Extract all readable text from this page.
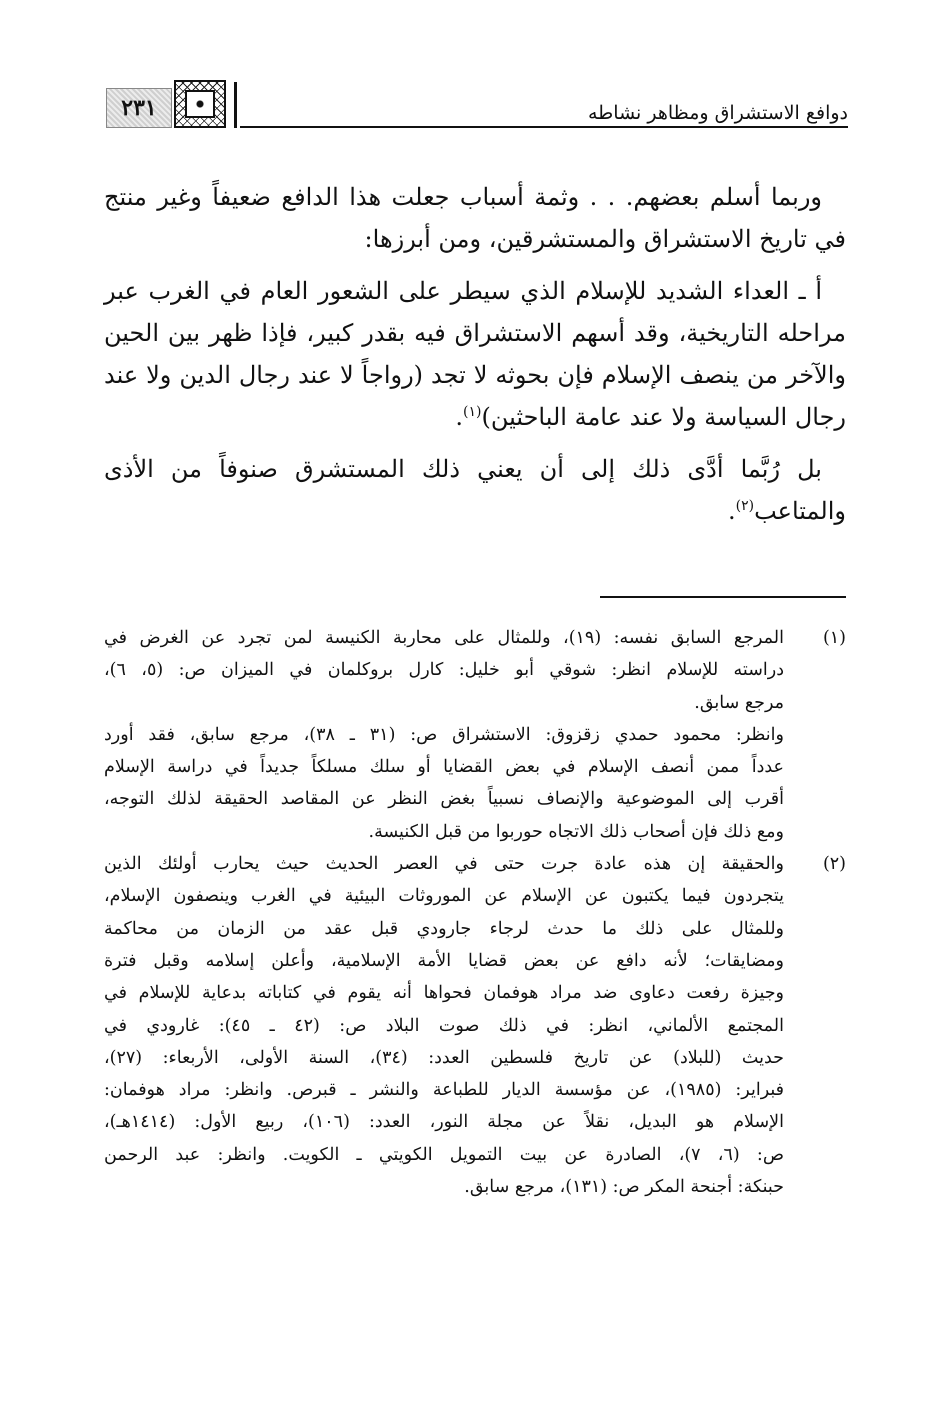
٢٣١	دوافع الاستشراق ومظاهر نشاطه

وربما أسلم بعضهم. . . وثمة أسباب جعلت هذا الدافع ضعيفاً وغير منتج في تاريخ الاستشراق والمستشرقين، ومن أبرزها:

أ ـ العداء الشديد للإسلام الذي سيطر على الشعور العام في الغرب عبر مراحله التاريخية، وقد أسهم الاستشراق فيه بقدر كبير، فإذا ظهر بين الحين والآخر من ينصف الإسلام فإن بحوثه لا تجد (رواجاً لا عند رجال الدين ولا عند رجال السياسة ولا عند عامة الباحثين)$^{(١)}$.

بل رُبَّما أدَّى ذلك إلى أن يعني ذلك المستشرق صنوفاً من الأذى والمتاعب$^{(٢)}$.

(١)
المرجع السابق نفسه: (١٩)، وللمثال على محاربة الكنيسة لمن تجرد عن الغرض في
دراسته للإسلام انظر: شوقي أبو خليل: كارل بروكلمان في الميزان ص: (٥، ٦)،
مرجع سابق.
وانظر: محمود حمدي زقزوق: الاستشراق ص: (٣١ ـ ٣٨)، مرجع سابق، فقد أورد
عدداً ممن أنصف الإسلام في بعض القضايا أو سلك مسلكاً جديداً في دراسة الإسلام
أقرب إلى الموضوعية والإنصاف نسبياً بغض النظر عن المقاصد الحقيقة لذلك التوجه،
ومع ذلك فإن أصحاب ذلك الاتجاه حوربوا من قبل الكنيسة.
(٢)
والحقيقة إن هذه عادة جرت حتى في العصر الحديث حيث يحارب أولئك الذين
يتجردون فيما يكتبون عن الإسلام عن الموروثات البيئية في الغرب وينصفون الإسلام،
وللمثال على ذلك ما حدث لرجاء جارودي قبل عقد من الزمان من محاكمة
ومضايقات؛ لأنه دافع عن بعض قضايا الأمة الإسلامية، وأعلن إسلامه وقبل فترة
وجيزة رفعت دعاوى ضد مراد هوفمان فحواها أنه يقوم في كتاباته بدعاية للإسلام في
المجتمع الألماني، انظر: في ذلك صوت البلاد ص: (٤٢ ـ ٤٥): غارودي في
حديث (للبلاد) عن تاريخ فلسطين العدد: (٣٤)، السنة الأولى، الأربعاء: (٢٧)،
فبراير: (١٩٨٥)، عن مؤسسة الديار للطباعة والنشر ـ قبرص. وانظر: مراد هوفمان:
الإسلام هو البديل، نقلاً عن مجلة النور، العدد: (١٠٦)، ربيع الأول: (١٤١٤هـ)،
ص: (٦، ٧)، الصادرة عن بيت التمويل الكويتي ـ الكويت. وانظر: عبد الرحمن
حبنكة: أجنحة المكر ص: (١٣١)، مرجع سابق.
